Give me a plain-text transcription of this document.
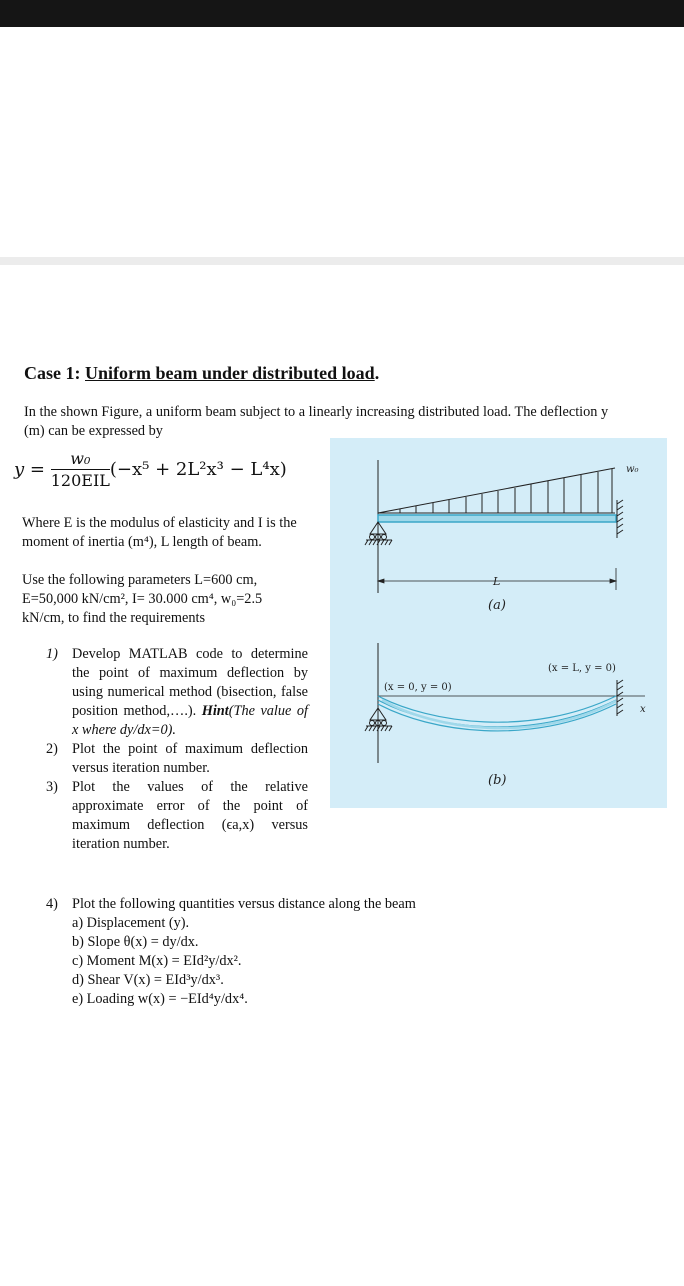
Case 1: Uniform beam under distributed load.
In the shown Figure, a uniform beam subject to a linearly increasing distributed load. The deflection y (m) can be expressed by
$y = \frac{\text{w₀}}{\text{120EIL}} (-x^5 + 2L^2x^3 - L^4x)$
Where E is the modulus of elasticity and I is the moment of inertia (m⁴), L length of beam.
Use the following parameters L=600 cm, E=50,000 kN/cm², I= 30.000 cm⁴, w₀=2.5 kN/cm, to find the requirements
1) Develop MATLAB code to determine the point of maximum deflection by using numerical method (bisection, false position method,….). Hint(The value of x where dy/dx=0).
2) Plot the point of maximum deflection versus iteration number.
3) Plot the values of the relative approximate error of the point of maximum deflection (ϵa,x) versus iteration number.
4) Plot the following quantities versus distance along the beam
a) Displacement (y).
b) Slope θ(x) = dy/dx.
c) Moment M(x) = EId²y/dx².
d) Shear V(x) = EId³y/dx³.
e) Loading w(x) = −EId⁴y/dx⁴.
w₀
L
(a)
(x = 0, y = 0)
(x = L, y = 0)
x
(b)
